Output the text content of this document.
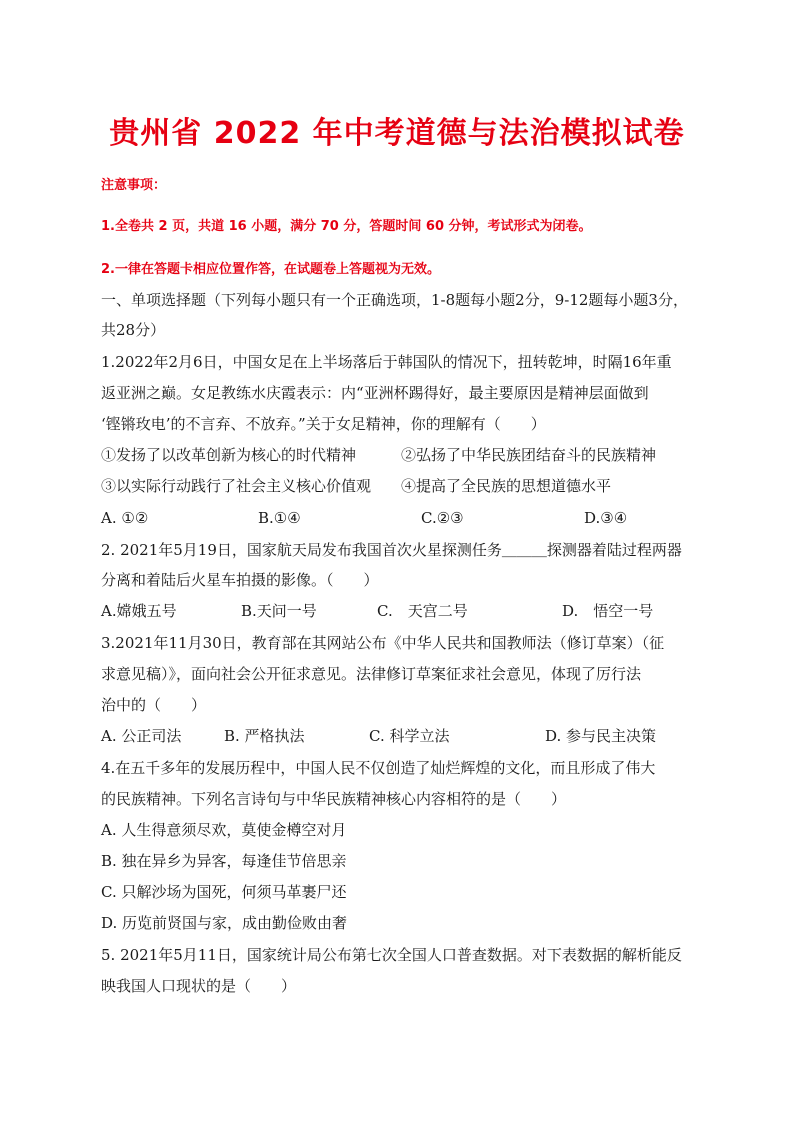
贵州省 2022 年中考道德与法治模拟试卷
注意事项：
1.全卷共 2 页，共道 16 小题，满分 70 分，答题时间 60 分钟，考试形式为闭卷。
2.一律在答题卡相应位置作答，在试题卷上答题视为无效。
一、单项选择题（下列每小题只有一个正确选项，1-8题每小题2分，9-12题每小题3分，
共28分）
1.2022年2月6日，中国女足在上半场落后于韩国队的情况下，扭转乾坤，时隔16年重
返亚洲之巅。女足教练水庆霞表示：内“亚洲杯踢得好，最主要原因是精神层面做到
‘铿锵玫电’的不言弃、不放弃。”关于女足精神，你的理解有（　　）
①发扬了以改革创新为核心的时代精神	②弘扬了中华民族团结奋斗的民族精神
③以实际行动践行了社会主义核心价值观 ④提高了全民族的思想道德水平
A. ①②	B.①④	C.②③	D.③④
2. 2021年5月19日，国家航天局发布我国首次火星探测任务＿＿＿探测器着陆过程两器
分离和着陆后火星车拍摄的影像。（　　）
A.嫦娥五号	B.天问一号	C.　天宫二号	D.　悟空一号
3.2021年11月30日，教育部在其网站公布《中华人民共和国教师法（修订草案）（征
求意见稿）》，面向社会公开征求意见。法律修订草案征求社会意见，体现了厉行法
治中的（　　）
A. 公正司法	B. 严格执法	C. 科学立法	D. 参与民主决策
4.在五千多年的发展历程中，中国人民不仅创造了灿烂辉煌的文化，而且形成了伟大
的民族精神。下列名言诗句与中华民族精神核心内容相符的是（　　）
A. 人生得意须尽欢，莫使金樽空对月
B. 独在异乡为异客，每逢佳节倍思亲
C. 只解沙场为国死，何须马革裹尸还
D. 历览前贤国与家，成由勤俭败由奢
5. 2021年5月11日，国家统计局公布第七次全国人口普查数据。对下表数据的解析能反
映我国人口现状的是（　　）
